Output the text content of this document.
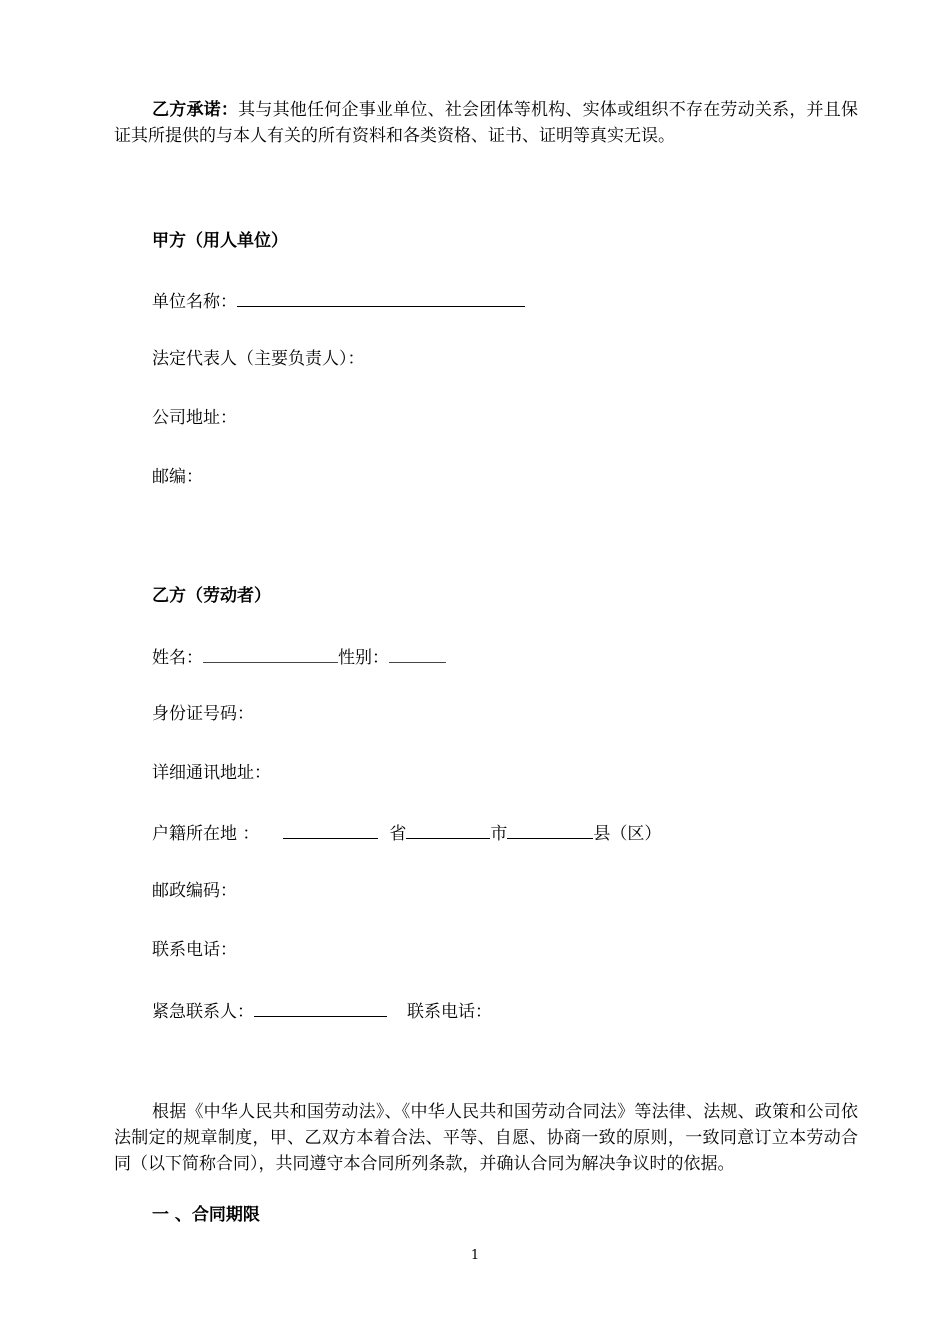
乙方承诺：其与其他任何企事业单位、社会团体等机构、实体或组织不存在劳动关系，并且保证其所提供的与本人有关的所有资料和各类资格、证书、证明等真实无误。
甲方（用人单位）
单位名称：
法定代表人（主要负责人）：
公司地址：
邮编：
乙方（劳动者）
姓名：	性别：
身份证号码：
详细通讯地址：
户籍所在地 ：	省	市	县（区）
邮政编码：
联系电话：
紧急联系人：	联系电话：
根据《中华人民共和国劳动法》、《中华人民共和国劳动合同法》等法律、法规、政策和公司依法制定的规章制度，甲、乙双方本着合法、平等、自愿、协商一致的原则，一致同意订立本劳动合同（以下简称合同），共同遵守本合同所列条款，并确认合同为解决争议时的依据。
一 、合同期限
1
